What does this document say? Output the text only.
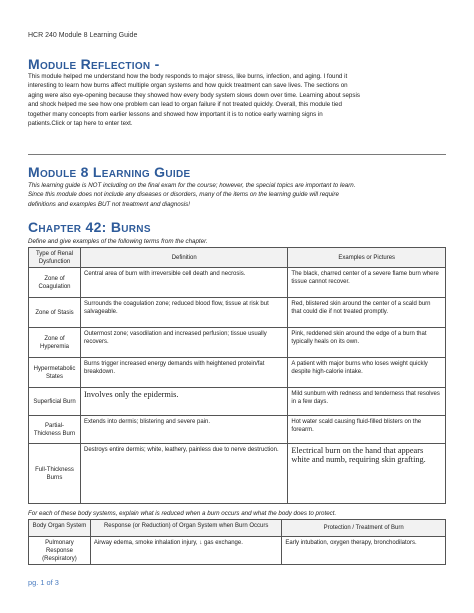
HCR 240 Module 8 Learning Guide
Module Reflection -
This module helped me understand how the body responds to major stress, like burns, infection, and aging. I found it
interesting to learn how burns affect multiple organ systems and how quick treatment can save lives. The sections on
aging were also eye-opening because they showed how every body system slows down over time. Learning about sepsis
and shock helped me see how one problem can lead to organ failure if not treated quickly. Overall, this module tied
together many concepts from earlier lessons and showed how important it is to notice early warning signs in
patients.Click or tap here to enter text.
Module 8 Learning Guide
This learning guide is NOT including on the final exam for the course; however, the special topics are important to learn.
Since this module does not include any diseases or disorders, many of the items on the learning guide will require
definitions and examples BUT not treatment and diagnosis!
Chapter 42: Burns
Define and give examples of the following terms from the chapter.
Type of Renal Dysfunction	Definition	Examples or Pictures
Zone of Coagulation	Central area of burn with irreversible cell death and necrosis.	The black, charred center of a severe flame burn where tissue cannot recover.
Zone of Stasis	Surrounds the coagulation zone; reduced blood flow, tissue at risk but salvageable.	Red, blistered skin around the center of a scald burn that could die if not treated promptly.
Zone of Hyperemia	Outermost zone; vasodilation and increased perfusion; tissue usually recovers.	Pink, reddened skin around the edge of a burn that typically heals on its own.
Hypermetabolic States	Burns trigger increased energy demands with heightened protein/fat breakdown.	A patient with major burns who loses weight quickly despite high-calorie intake.
Superficial Burn	Involves only the epidermis.	Mild sunburn with redness and tenderness that resolves in a few days.
Partial-Thickness Burn	Extends into dermis; blistering and severe pain.	Hot water scald causing fluid-filled blisters on the forearm.
Full-Thickness Burns	Destroys entire dermis; white, leathery, painless due to nerve destruction.	Electrical burn on the hand that appears white and numb, requiring skin grafting.
For each of these body systems, explain what is reduced when a burn occurs and what the body does to protect.
Body Organ System	Response (or Reduction) of Organ System when Burn Occurs	Protection / Treatment of Burn
Pulmonary Response (Respiratory)	Airway edema, smoke inhalation injury, ↓ gas exchange.	Early intubation, oxygen therapy, bronchodilators.
pg. 1 of 3
